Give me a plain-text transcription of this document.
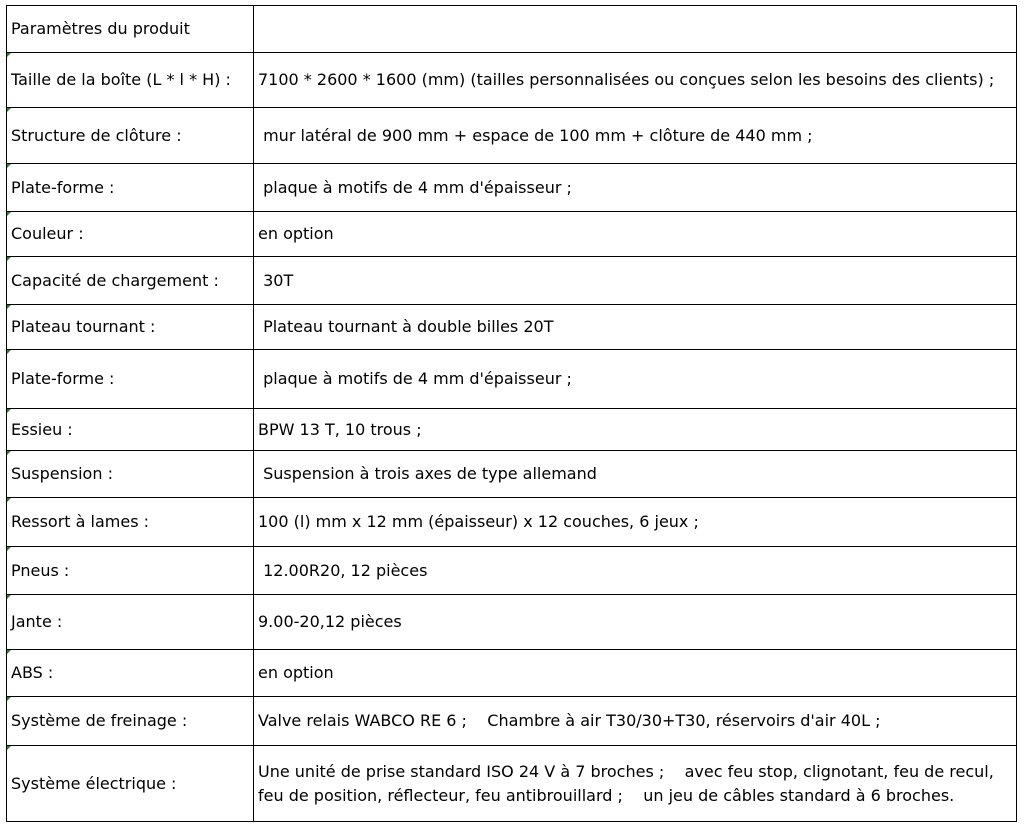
Paramètres du produit	

Taille de la boîte (L * l * H) :	7100 * 2600 * 1600 (mm) (tailles personnalisées ou conçues selon les besoins des clients) ;

Structure de clôture :	mur latéral de 900 mm + espace de 100 mm + clôture de 440 mm ;

Plate-forme :	plaque à motifs de 4 mm d'épaisseur ;

Couleur :	en option

Capacité de chargement :	30T

Plateau tournant :	Plateau tournant à double billes 20T

Plate-forme :	plaque à motifs de 4 mm d'épaisseur ;

Essieu :	BPW 13 T, 10 trous ;

Suspension :	Suspension à trois axes de type allemand

Ressort à lames :	100 (l) mm x 12 mm (épaisseur) x 12 couches, 6 jeux ;

Pneus :	12.00R20, 12 pièces

Jante :	9.00-20,12 pièces

ABS :	en option

Système de freinage :	Valve relais WABCO RE 6 ;    Chambre à air T30/30+T30, réservoirs d'air 40L ;

Système électrique :	Une unité de prise standard ISO 24 V à 7 broches ;    avec feu stop, clignotant, feu de recul, feu de position, réflecteur, feu antibrouillard ;    un jeu de câbles standard à 6 broches.
